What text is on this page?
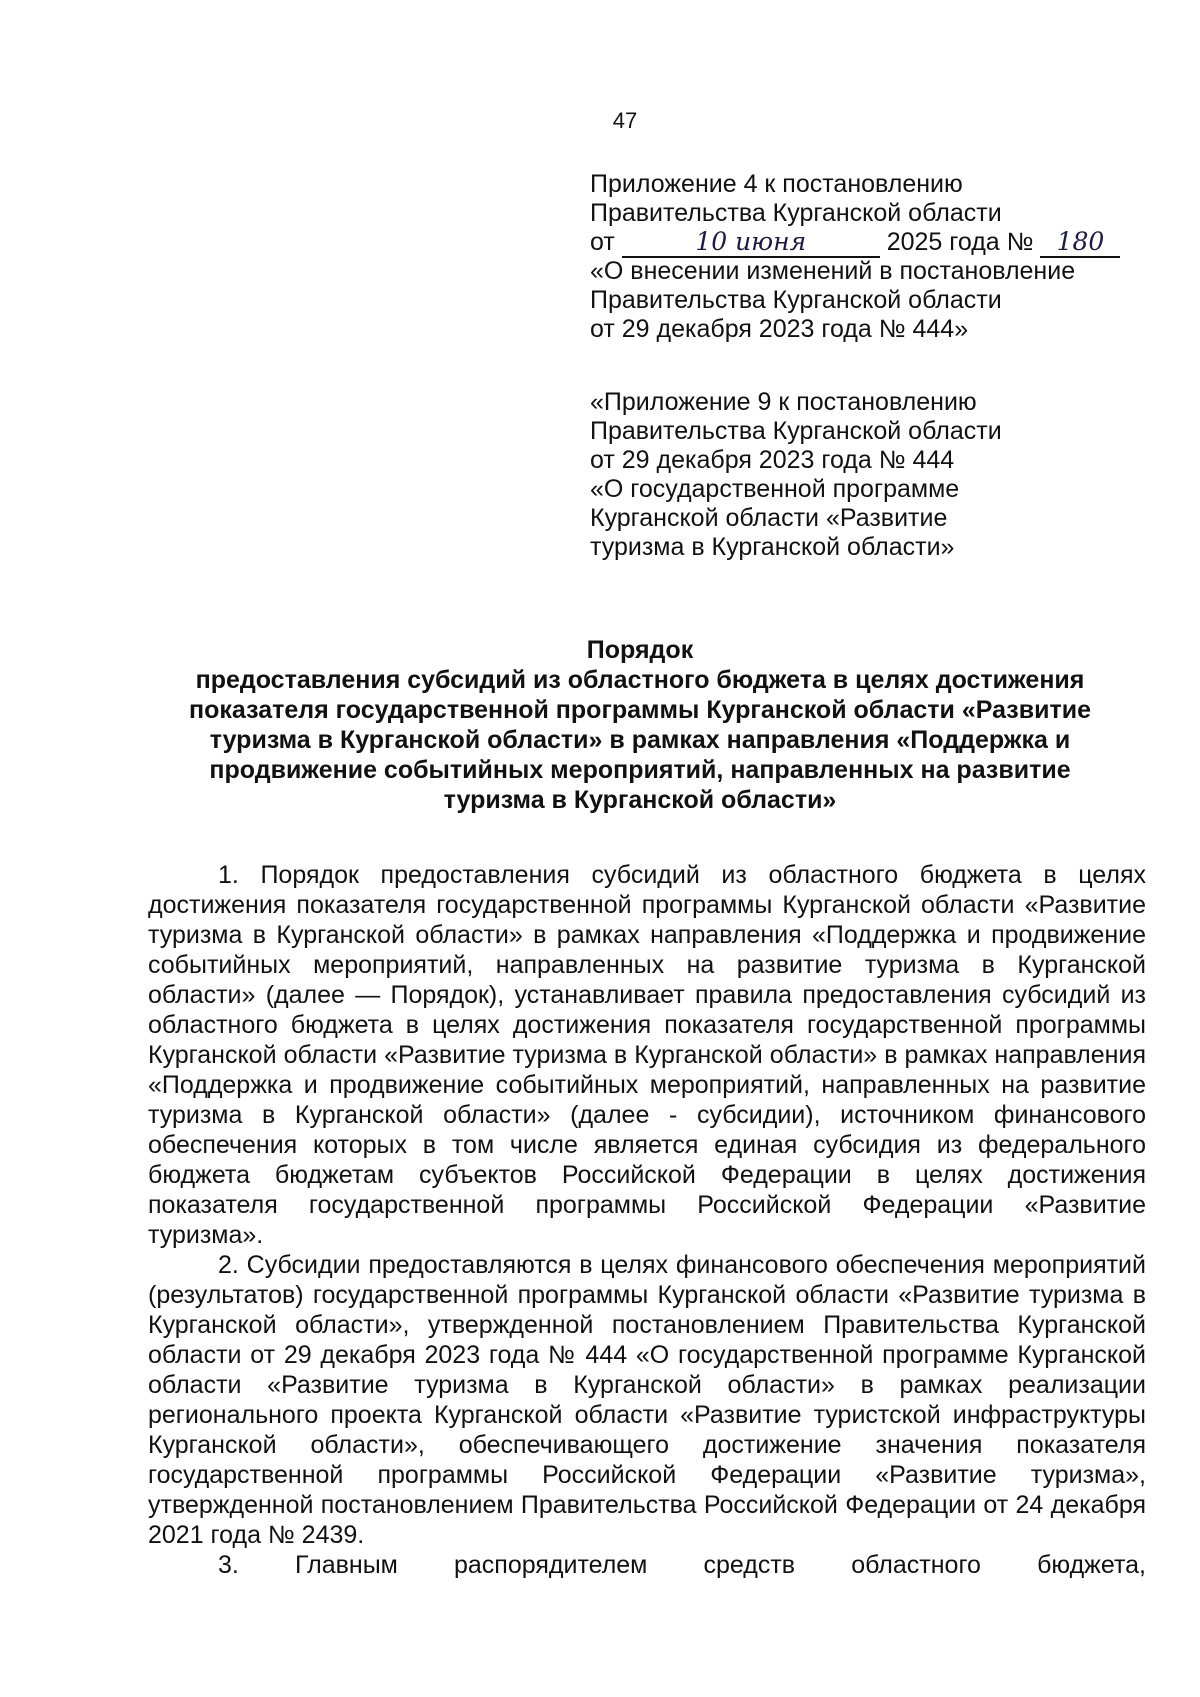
47
Приложение 4 к постановлению
Правительства Курганской области
от	10 июня	2025 года № 180
«О внесении изменений в постановление
Правительства Курганской области
от 29 декабря 2023 года № 444»
«Приложение 9 к постановлению
Правительства Курганской области
от 29 декабря 2023 года № 444
«О государственной программе
Курганской области «Развитие
туризма в Курганской области»
Порядок
предоставления субсидий из областного бюджета в целях достижения
показателя государственной программы Курганской области «Развитие
туризма в Курганской области» в рамках направления «Поддержка и
продвижение событийных мероприятий, направленных на развитие
туризма в Курганской области»

1. Порядок предоставления субсидий из областного бюджета в целях достижения показателя государственной программы Курганской области «Развитие туризма в Курганской области» в рамках направления «Поддержка и продвижение событийных мероприятий, направленных на развитие туризма в Курганской области» (далее — Порядок), устанавливает правила предоставления субсидий из областного бюджета в целях достижения показателя государственной программы Курганской области «Развитие туризма в Курганской области» в рамках направления «Поддержка и продвижение событийных мероприятий, направленных на развитие туризма в Курганской области» (далее - субсидии), источником финансового обеспечения которых в том числе является единая субсидия из федерального бюджета бюджетам субъектов Российской Федерации в целях достижения показателя государственной программы Российской Федерации «Развитие туризма».

2. Субсидии предоставляются в целях финансового обеспечения мероприятий (результатов) государственной программы Курганской области «Развитие туризма в Курганской области», утвержденной постановлением Правительства Курганской области от 29 декабря 2023 года № 444 «О государственной программе Курганской области «Развитие туризма в Курганской области» в рамках реализации регионального проекта Курганской области «Развитие туристской инфраструктуры Курганской области», обеспечивающего достижение значения показателя государственной программы Российской Федерации «Развитие туризма», утвержденной постановлением Правительства Российской Федерации от 24 декабря 2021 года № 2439.

3. Главным распорядителем средств областного бюджета,
